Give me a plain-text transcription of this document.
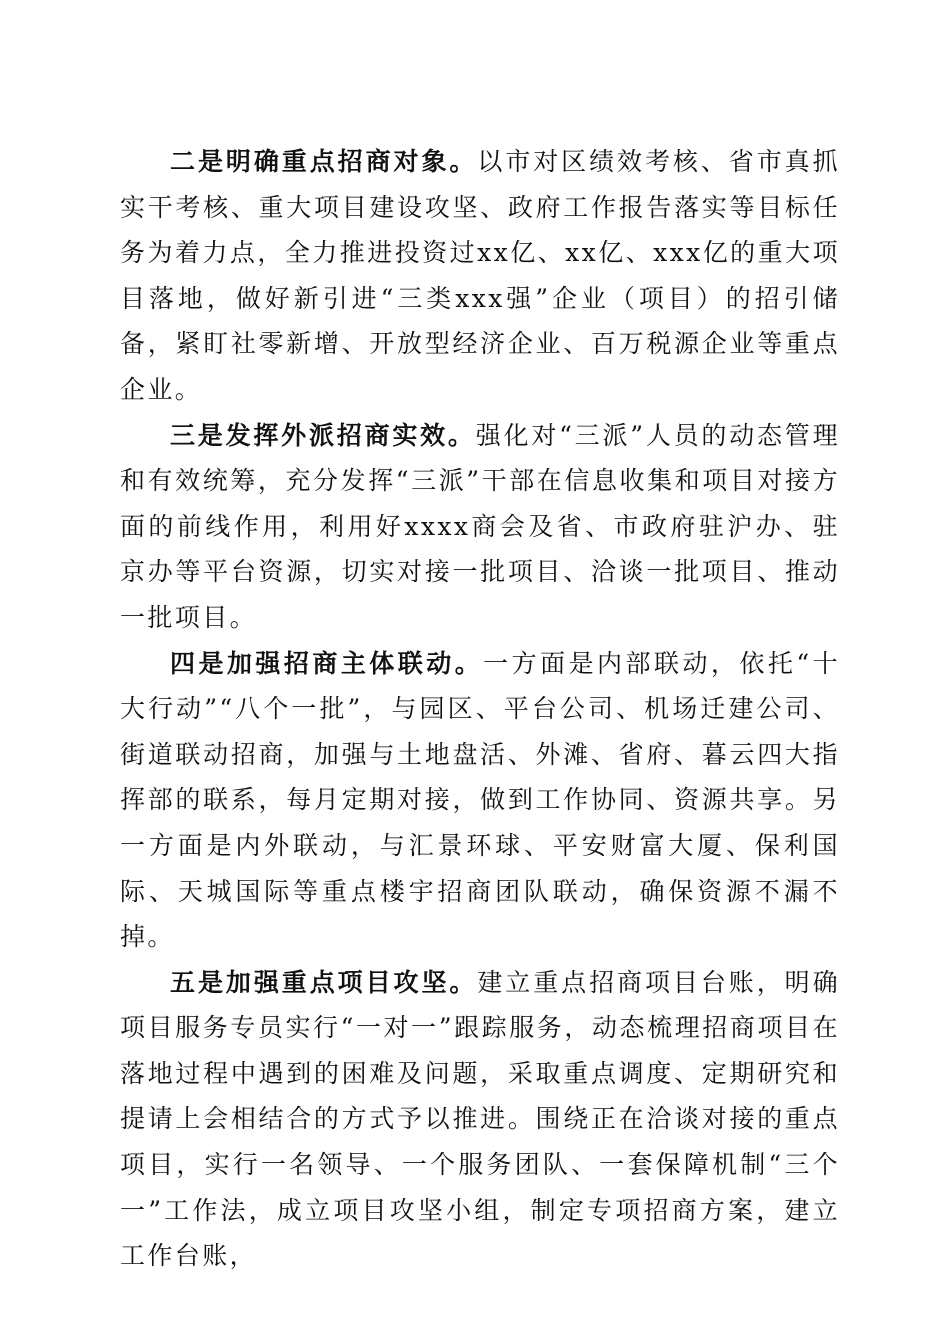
二是明确重点招商对象。以市对区绩效考核、省市真抓实干考核、重大项目建设攻坚、政府工作报告落实等目标任务为着力点，全力推进投资过xx亿、xx亿、xxx亿的重大项目落地，做好新引进“三类xxx强”企业（项目）的招引储备，紧盯社零新增、开放型经济企业、百万税源企业等重点企业。

三是发挥外派招商实效。强化对“三派”人员的动态管理和有效统筹，充分发挥“三派”干部在信息收集和项目对接方面的前线作用，利用好xxxx商会及省、市政府驻沪办、驻京办等平台资源，切实对接一批项目、洽谈一批项目、推动一批项目。

四是加强招商主体联动。一方面是内部联动，依托“十大行动”“八个一批”，与园区、平台公司、机场迁建公司、街道联动招商，加强与土地盘活、外滩、省府、暮云四大指挥部的联系，每月定期对接，做到工作协同、资源共享。另一方面是内外联动，与汇景环球、平安财富大厦、保利国际、天城国际等重点楼宇招商团队联动，确保资源不漏不掉。

五是加强重点项目攻坚。建立重点招商项目台账，明确项目服务专员实行“一对一”跟踪服务，动态梳理招商项目在落地过程中遇到的困难及问题，采取重点调度、定期研究和提请上会相结合的方式予以推进。围绕正在洽谈对接的重点项目，实行一名领导、一个服务团队、一套保障机制“三个一”工作法，成立项目攻坚小组，制定专项招商方案，建立工作台账，
